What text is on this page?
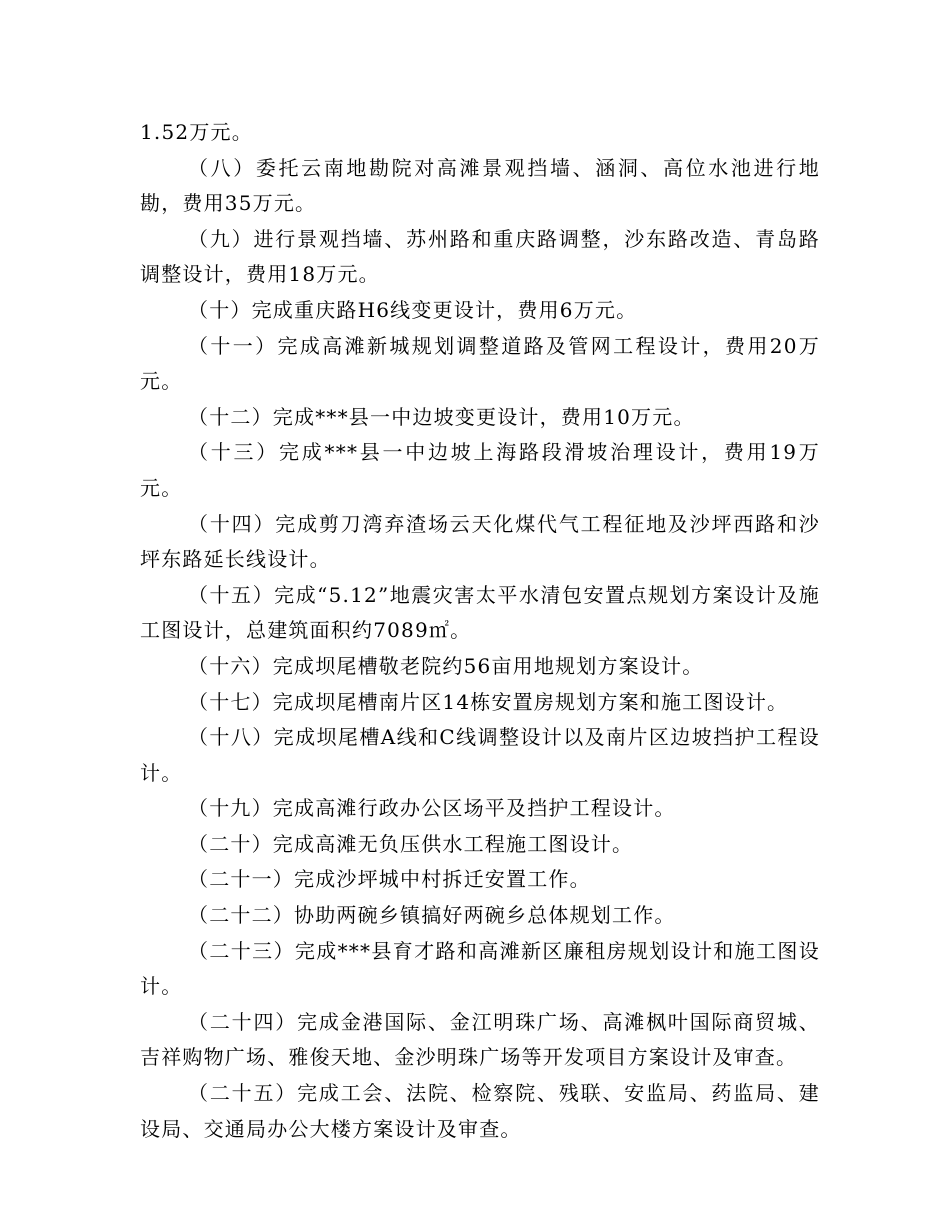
1.52万元。

（八）委托云南地勘院对高滩景观挡墙、涵洞、高位水池进行地勘，费用35万元。

（九）进行景观挡墙、苏州路和重庆路调整，沙东路改造、青岛路调整设计，费用18万元。

（十）完成重庆路H6线变更设计，费用6万元。

（十一）完成高滩新城规划调整道路及管网工程设计，费用20万元。

（十二）完成***县一中边坡变更设计，费用10万元。

（十三）完成***县一中边坡上海路段滑坡治理设计，费用19万元。

（十四）完成剪刀湾弃渣场云天化煤代气工程征地及沙坪西路和沙坪东路延长线设计。

（十五）完成“5.12”地震灾害太平水清包安置点规划方案设计及施工图设计，总建筑面积约7089㎡。

（十六）完成坝尾槽敬老院约56亩用地规划方案设计。

（十七）完成坝尾槽南片区14栋安置房规划方案和施工图设计。

（十八）完成坝尾槽A线和C线调整设计以及南片区边坡挡护工程设计。

（十九）完成高滩行政办公区场平及挡护工程设计。

（二十）完成高滩无负压供水工程施工图设计。

（二十一）完成沙坪城中村拆迁安置工作。

（二十二）协助两碗乡镇搞好两碗乡总体规划工作。

（二十三）完成***县育才路和高滩新区廉租房规划设计和施工图设计。

（二十四）完成金港国际、金江明珠广场、高滩枫叶国际商贸城、吉祥购物广场、雅俊天地、金沙明珠广场等开发项目方案设计及审查。

（二十五）完成工会、法院、检察院、残联、安监局、药监局、建设局、交通局办公大楼方案设计及审查。
